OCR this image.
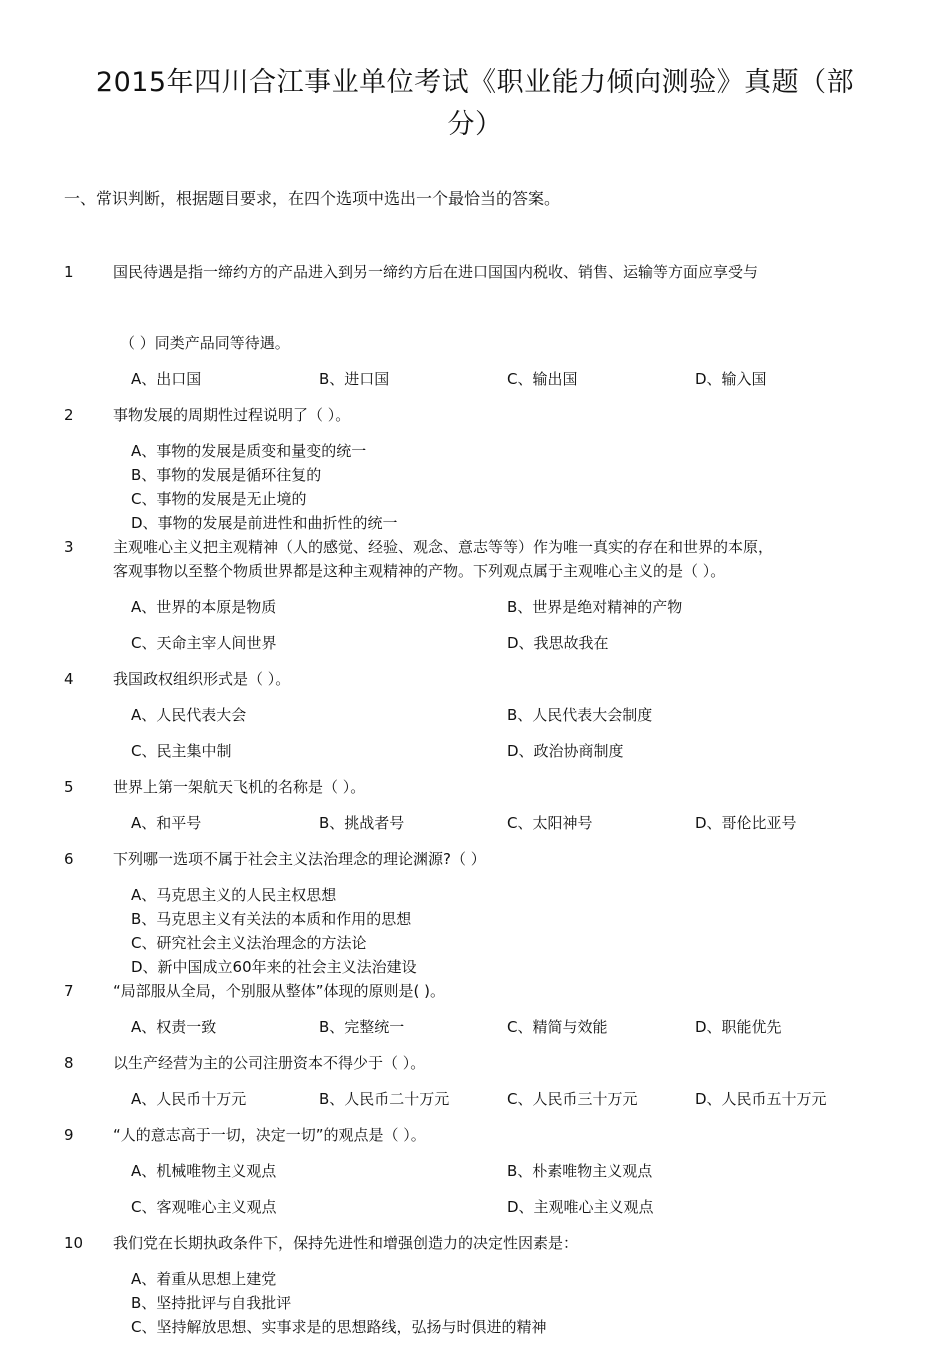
2015年四川合江事业单位考试《职业能力倾向测验》真题（部
分）
一、常识判断，根据题目要求，在四个选项中选出一个最恰当的答案。
1	国民待遇是指一缔约方的产品进入到另一缔约方后在进口国国内税收、销售、运输等方面应享受与
（ ）同类产品同等待遇。
A、出口国	B、进口国	C、输出国	D、输入国
2	事物发展的周期性过程说明了（ ）。
A、事物的发展是质变和量变的统一
B、事物的发展是循环往复的
C、事物的发展是无止境的
D、事物的发展是前进性和曲折性的统一
3	主观唯心主义把主观精神（人的感觉、经验、观念、意志等等）作为唯一真实的存在和世界的本原，
客观事物以至整个物质世界都是这种主观精神的产物。下列观点属于主观唯心主义的是（ ）。
A、世界的本原是物质	B、世界是绝对精神的产物
C、天命主宰人间世界	D、我思故我在
4	我国政权组织形式是（ ）。
A、人民代表大会	B、人民代表大会制度
C、民主集中制	D、政治协商制度
5	世界上第一架航天飞机的名称是（ ）。
A、和平号	B、挑战者号	C、太阳神号	D、哥伦比亚号
6	下列哪一选项不属于社会主义法治理念的理论渊源?（ ）
A、马克思主义的人民主权思想
B、马克思主义有关法的本质和作用的思想
C、研究社会主义法治理念的方法论
D、新中国成立60年来的社会主义法治建设
7	“局部服从全局，个别服从整体”体现的原则是( )。
A、权责一致	B、完整统一	C、精简与效能	D、职能优先
8	以生产经营为主的公司注册资本不得少于（ ）。
A、人民币十万元	B、人民币二十万元	C、人民币三十万元	D、人民币五十万元
9	“人的意志高于一切，决定一切”的观点是（ ）。
A、机械唯物主义观点	B、朴素唯物主义观点
C、客观唯心主义观点	D、主观唯心主义观点
10 我们党在长期执政条件下，保持先进性和增强创造力的决定性因素是：
A、着重从思想上建党
B、坚持批评与自我批评
C、坚持解放思想、实事求是的思想路线，弘扬与时俱进的精神
